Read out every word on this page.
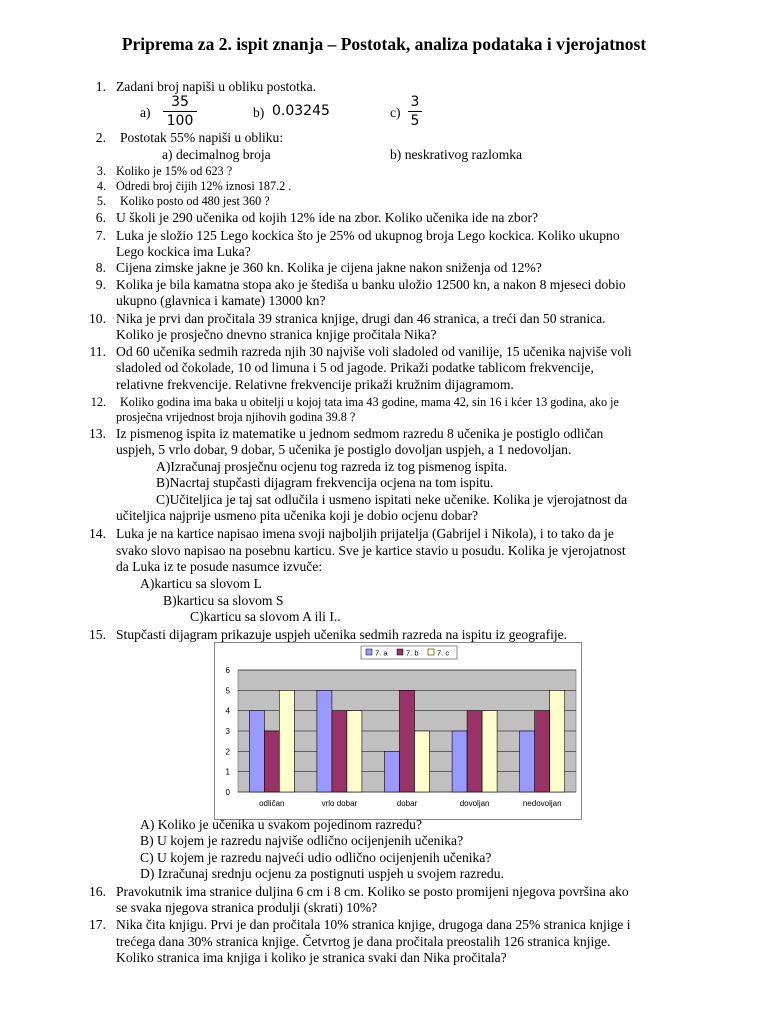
Priprema za 2. ispit znanja – Postotak, analiza podataka i vjerojatnost
1. Zadani broj napiši u obliku postotka.
a)
35
100
b) 0.03245	c)
3
5
2. Postotak 55% napiši u obliku:
a) decimalnog broja	b) neskrativog razlomka
3. Koliko je 15% od 623 ?
4. Odredi broj čijih 12% iznosi 187.2 .
5. Koliko posto od 480 jest 360 ?
6. U školi je 290 učenika od kojih 12% ide na zbor. Koliko učenika ide na zbor?
7. Luka je složio 125 Lego kockica što je 25% od ukupnog broja Lego kockica. Koliko ukupno
Lego kockica ima Luka?
8. Cijena zimske jakne je 360 kn. Kolika je cijena jakne nakon sniženja od 12%?
9. Kolika je bila kamatna stopa ako je štediša u banku uložio 12500 kn, a nakon 8 mjeseci dobio
ukupno (glavnica i kamate) 13000 kn?
10. Nika je prvi dan pročitala 39 stranica knjige, drugi dan 46 stranica, a treći dan 50 stranica.
Koliko je prosječno dnevno stranica knjige pročitala Nika?
11. Od 60 učenika sedmih razreda njih 30 najviše voli sladoled od vanilije, 15 učenika najviše voli
sladoled od čokolade, 10 od limuna i 5 od jagode. Prikaži podatke tablicom frekvencije,
relativne frekvencije. Relativne frekvencije prikaži kružnim dijagramom.
12. Koliko godina ima baka u obitelji u kojoj tata ima 43 godine, mama 42, sin 16 i kćer 13 godina, ako je
prosječna vrijednost broja njihovih godina 39.8 ?
13. Iz pismenog ispita iz matematike u jednom sedmom razredu 8 učenika je postiglo odličan
uspjeh, 5 vrlo dobar, 9 dobar, 5 učenika je postiglo dovoljan uspjeh, a 1 nedovoljan.
A)Izračunaj prosječnu ocjenu tog razreda iz tog pismenog ispita.
B)Nacrtaj stupčasti dijagram frekvencija ocjena na tom ispitu.
C)Učiteljica je taj sat odlučila i usmeno ispitati neke učenike. Kolika je vjerojatnost da
učiteljica najprije usmeno pita učenika koji je dobio ocjenu dobar?
14. Luka je na kartice napisao imena svoji najboljih prijatelja (Gabrijel i Nikola), i to tako da je
svako slovo napisao na posebnu karticu. Sve je kartice stavio u posudu. Kolika je vjerojatnost
da Luka iz te posude nasumce izvuče:
A)karticu sa slovom L
B)karticu sa slovom S
C)karticu sa slovom A ili I..
15. Stupčasti dijagram prikazuje uspjeh učenika sedmih razreda na ispitu iz geografije.
0
1
2
3
4
5
6
odličan	vrlo dobar	dobar	dovoljan	nedovoljan
7. a 7. b 7. c
A) Koliko je učenika u svakom pojedinom razredu?
B) U kojem je razredu najviše odlično ocijenjenih učenika?
C) U kojem je razredu najveći udio odlično ocijenjenih učenika?
D) Izračunaj srednju ocjenu za postignuti uspjeh u svojem razredu.
16. Pravokutnik ima stranice duljina 6 cm i 8 cm. Koliko se posto promijeni njegova površina ako
se svaka njegova stranica produlji (skrati) 10%?
17. Nika čita knjigu. Prvi je dan pročitala 10% stranica knjige, drugoga dana 25% stranica knjige i
trećega dana 30% stranica knjige. Četvrtog je dana pročitala preostalih 126 stranica knjige.
Koliko stranica ima knjiga i koliko je stranica svaki dan Nika pročitala?
